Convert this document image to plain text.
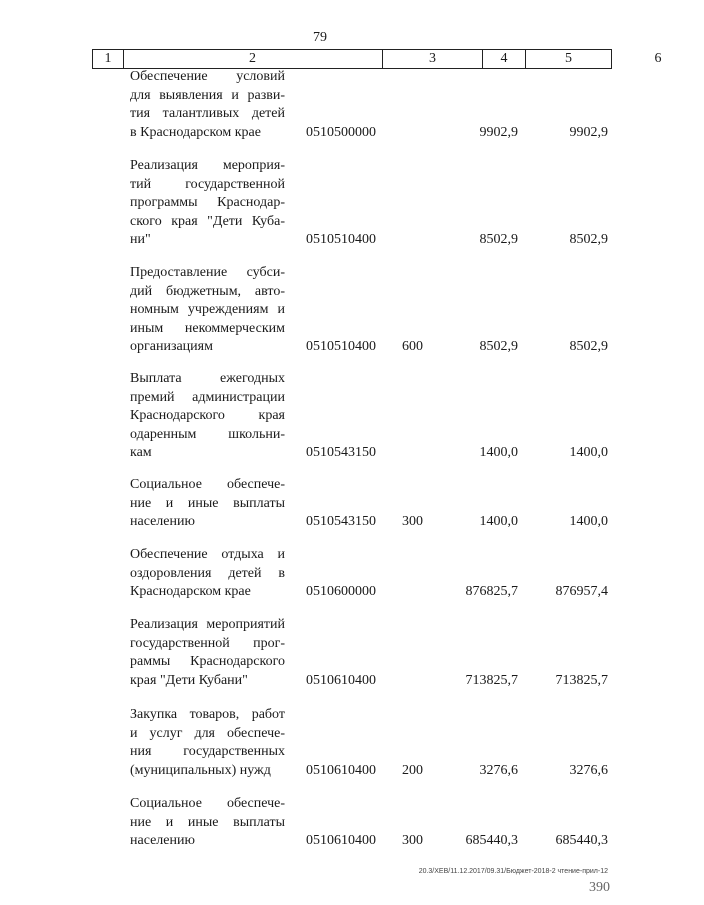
79
1	2	3	4	5	6
Обеспечение условий
для выявления и разви-
тия талантливых детей
в Краснодарском крае	0510500000	9902,9	9902,9
Реализация мероприя-
тий государственной
программы Краснодар-
ского края "Дети Куба-
ни"	0510510400	8502,9	8502,9
Предоставление субси-
дий бюджетным, авто-
номным учреждениям и
иным некоммерческим
организациям	0510510400 600	8502,9	8502,9
Выплата ежегодных
премий администрации
Краснодарского края
одаренным школьни-
кам	0510543150	1400,0	1400,0
Социальное обеспече-
ние и иные выплаты
населению	0510543150 300	1400,0	1400,0
Обеспечение отдыха и
оздоровления детей в
Краснодарском крае	0510600000	876825,7	876957,4
Реализация мероприятий
государственной прог-
раммы Краснодарского
края "Дети Кубани"	0510610400	713825,7	713825,7
Закупка товаров, работ
и услуг для обеспече-
ния государственных
(муниципальных) нужд	0510610400 200	3276,6	3276,6
Социальное обеспече-
ние и иные выплаты
населению	0510610400 300	685440,3	685440,3
20.3/ХЕВ/11.12.2017/09.31/Бюджет-2018-2 чтение-прил-12
390
